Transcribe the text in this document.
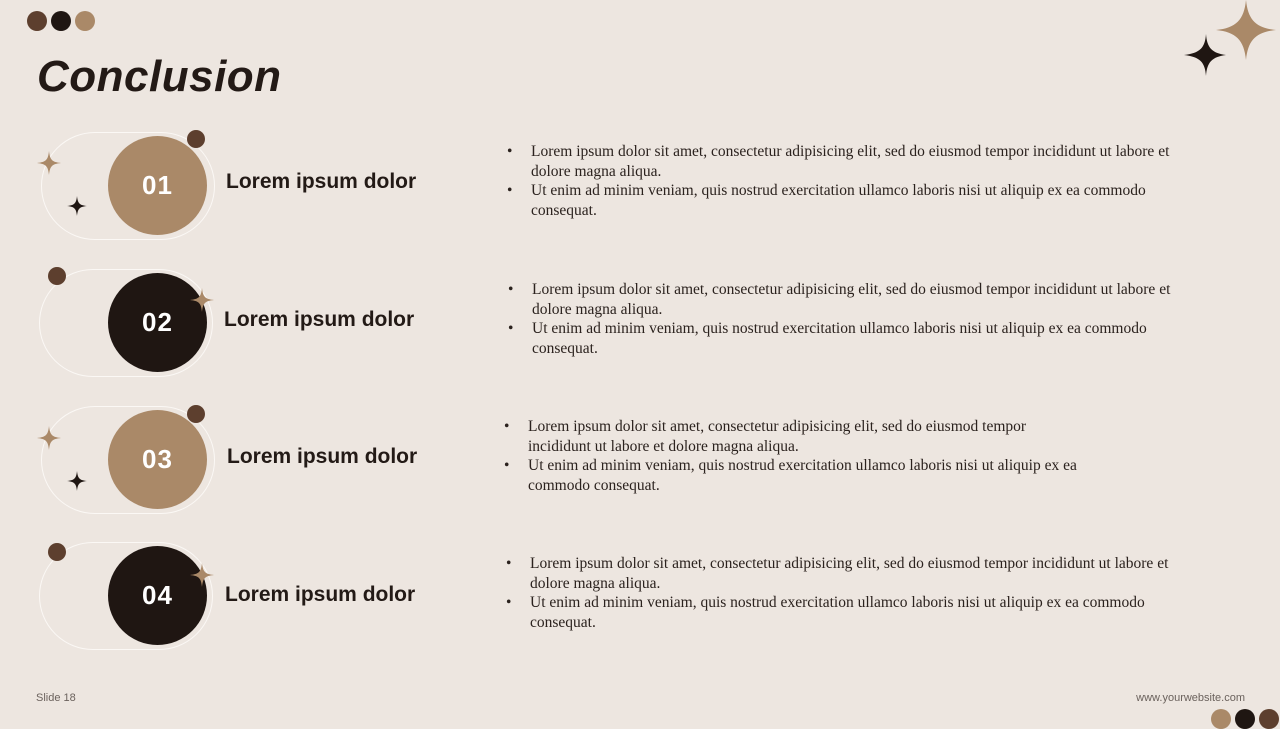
Conclusion
01	Lorem ipsum dolor
• Lorem ipsum dolor sit amet, consectetur adipisicing elit, sed do eiusmod tempor incididunt ut labore et dolore magna aliqua.
• Ut enim ad minim veniam, quis nostrud exercitation ullamco laboris nisi ut aliquip ex ea commodo consequat.
02	Lorem ipsum dolor
• Lorem ipsum dolor sit amet, consectetur adipisicing elit, sed do eiusmod tempor incididunt ut labore et dolore magna aliqua.
• Ut enim ad minim veniam, quis nostrud exercitation ullamco laboris nisi ut aliquip ex ea commodo consequat.
03	Lorem ipsum dolor
• Lorem ipsum dolor sit amet, consectetur adipisicing elit, sed do eiusmod tempor incididunt ut labore et dolore magna aliqua.
• Ut enim ad minim veniam, quis nostrud exercitation ullamco laboris nisi ut aliquip ex ea commodo consequat.
04	Lorem ipsum dolor
• Lorem ipsum dolor sit amet, consectetur adipisicing elit, sed do eiusmod tempor incididunt ut labore et dolore magna aliqua.
• Ut enim ad minim veniam, quis nostrud exercitation ullamco laboris nisi ut aliquip ex ea commodo consequat.
Slide 18	www.yourwebsite.com
